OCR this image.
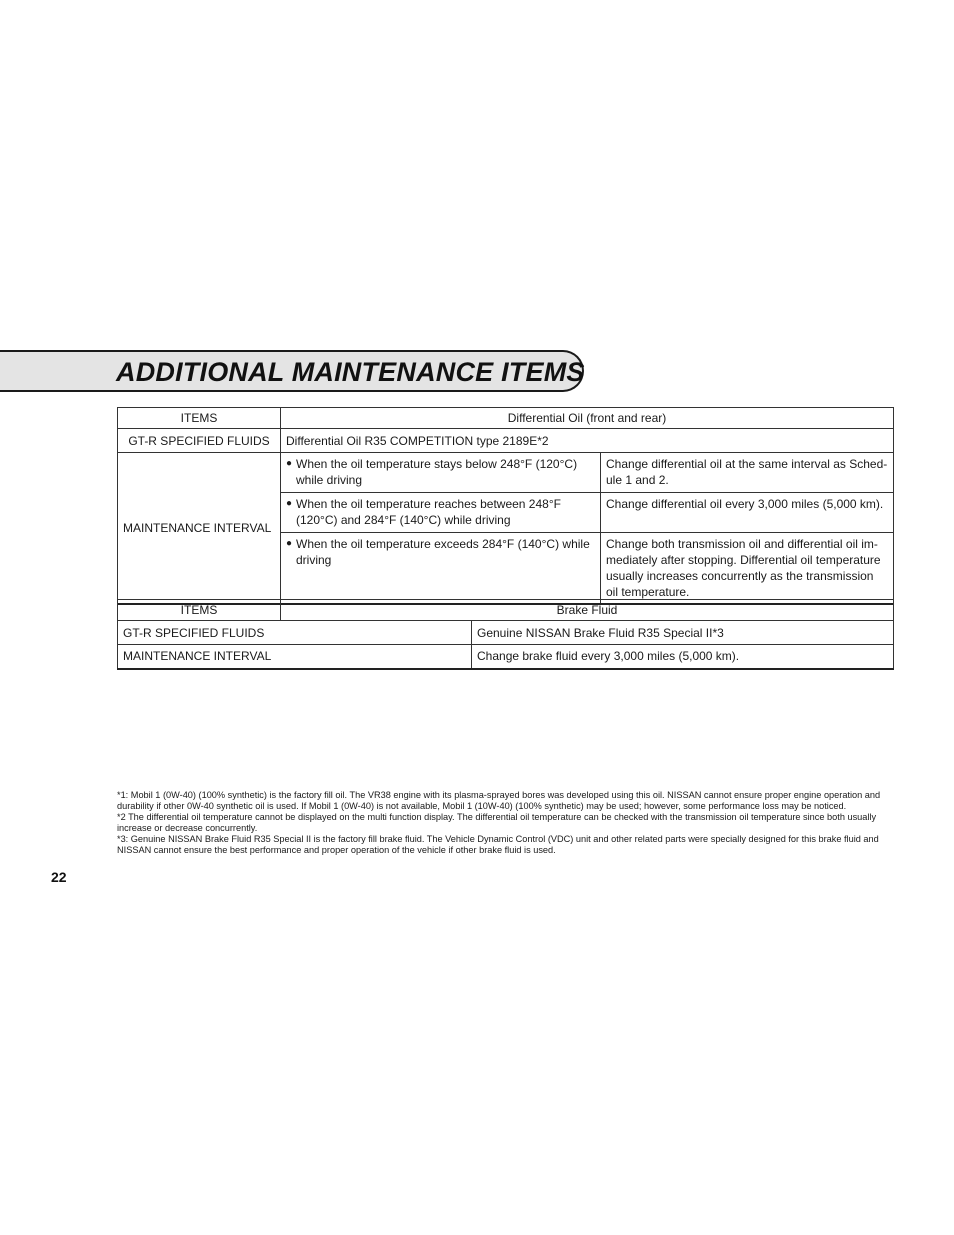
ADDITIONAL MAINTENANCE ITEMS
ITEMS	Differential Oil (front and rear)	
GT-R SPECIFIED FLUIDS	Differential Oil R35 COMPETITION type 2189E*2	
MAINTENANCE INTERVAL	● When the oil temperature stays below 248°F (120°C) while driving	Change differential oil at the same interval as Sched-ule 1 and 2.

	● When the oil temperature reaches between 248°F (120°C) and 284°F (140°C) while driving	Change differential oil every 3,000 miles (5,000 km).

	● When the oil temperature exceeds 284°F (140°C) while driving	Change both transmission oil and differential oil im-mediately after stopping. Differential oil temperature usually increases concurrently as the transmission oil temperature.
ITEMS	Brake Fluid	
GT-R SPECIFIED FLUIDS		Genuine NISSAN Brake Fluid R35 Special II*3
MAINTENANCE INTERVAL		Change brake fluid every 3,000 miles (5,000 km).

*1: Mobil 1 (0W-40) (100% synthetic) is the factory fill oil. The VR38 engine with its plasma-sprayed bores was developed using this oil. NISSAN cannot ensure proper engine operation and durability if other 0W-40 synthetic oil is used. If Mobil 1 (0W-40) is not available, Mobil 1 (10W-40) (100% synthetic) may be used; however, some performance loss may be noticed.

*2 The differential oil temperature cannot be displayed on the multi function display. The differential oil temperature can be checked with the transmission oil temperature since both usually increase or decrease concurrently.

*3: Genuine NISSAN Brake Fluid R35 Special II is the factory fill brake fluid. The Vehicle Dynamic Control (VDC) unit and other related parts were specially designed for this brake fluid and NISSAN cannot ensure the best performance and proper operation of the vehicle if other brake fluid is used.

22
